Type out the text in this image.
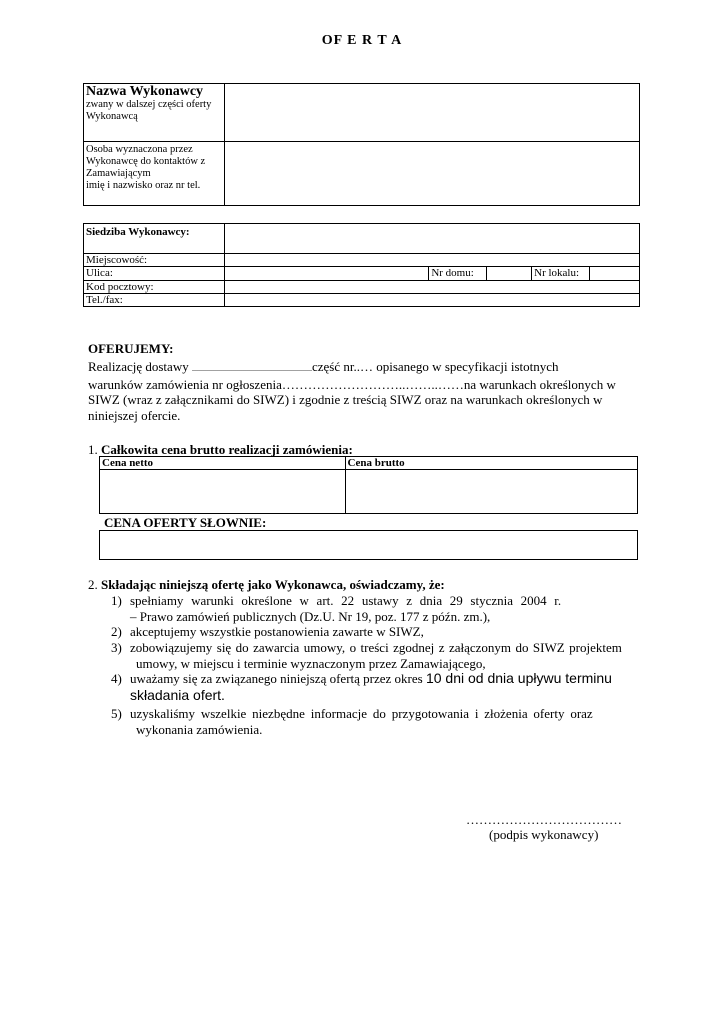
OF E R T A
Nazwa Wykonawcy
zwany w dalszej części oferty Wykonawcą	

Osoba wyznaczona przez Wykonawcę do kontaktów z Zamawiającym
imię i nazwisko oraz nr tel.	

Siedziba Wykonawcy:					
Miejscowość:					
Ulica:		Nr domu:		Nr lokalu:	
Kod pocztowy:					
Tel./fax:					
OFERUJEMY:
Realizację dostawy ............................................................część nr..… opisanego w specyfikacji istotnych
warunków zamówienia nr ogłoszenia………………………..……..……na warunkach określonych w
SIWZ (wraz z załącznikami do SIWZ) i zgodnie z treścią SIWZ oraz na warunkach określonych w
niniejszej ofercie.
1. Całkowita cena brutto realizacji zamówienia:
Cena netto	Cena brutto

CENA OFERTY SŁOWNIE:
2. Składając niniejszą ofertę jako Wykonawca, oświadczamy, że:
1) spełniamy warunki określone w art. 22 ustawy z dnia 29 stycznia 2004 r.
– Prawo zamówień publicznych (Dz.U. Nr 19, poz. 177 z późn. zm.),
2) akceptujemy wszystkie postanowienia zawarte w SIWZ,
3) zobowiązujemy się do zawarcia umowy, o treści zgodnej z załączonym do SIWZ projektem
umowy, w miejscu i terminie wyznaczonym przez Zamawiającego,
4) uważamy się za związanego niniejszą ofertą przez okres 10 dni od dnia upływu terminu
składania ofert.
5) uzyskaliśmy wszelkie niezbędne informacje do przygotowania i złożenia oferty oraz
wykonania zamówienia.
………………………………
(podpis wykonawcy)
